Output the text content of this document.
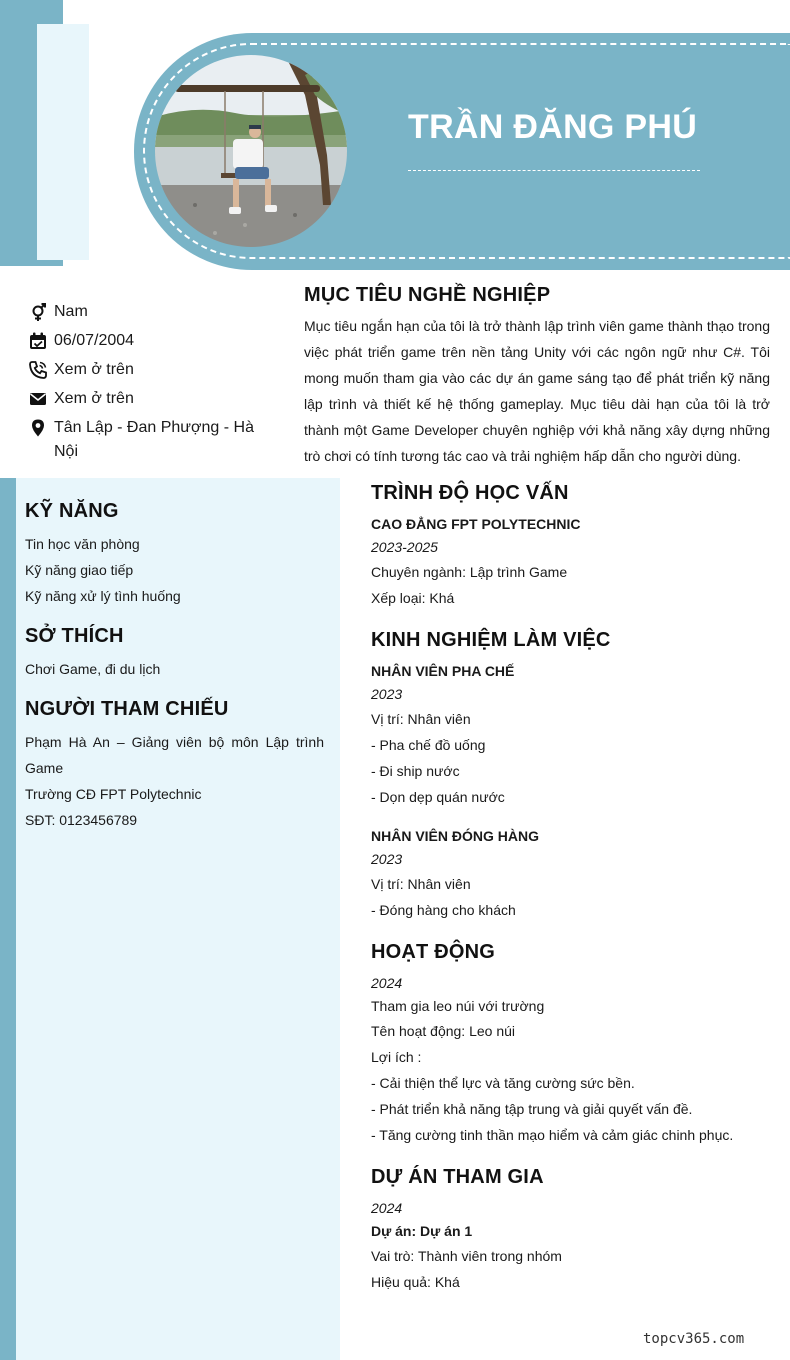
TRẦN ĐĂNG PHÚ
Nam
06/07/2004
Xem ở trên
Xem ở trên
Tân Lập - Đan Phượng - Hà Nội
MỤC TIÊU NGHỀ NGHIỆP
Mục tiêu ngắn hạn của tôi là trở thành lập trình viên game thành thạo trong việc phát triển game trên nền tảng Unity với các ngôn ngữ như C#. Tôi mong muốn tham gia vào các dự án game sáng tạo để phát triển kỹ năng lập trình và thiết kế hệ thống gameplay. Mục tiêu dài hạn của tôi là trở thành một Game Developer chuyên nghiệp với khả năng xây dựng những trò chơi có tính tương tác cao và trải nghiệm hấp dẫn cho người dùng.
KỸ NĂNG
Tin học văn phòng
Kỹ năng giao tiếp
Kỹ năng xử lý tình huống
SỞ THÍCH
Chơi Game, đi du lịch
NGƯỜI THAM CHIẾU
Phạm Hà An – Giảng viên bộ môn Lập trình Game
Trường CĐ FPT Polytechnic
SĐT: 0123456789
TRÌNH ĐỘ HỌC VẤN
CAO ĐẲNG FPT POLYTECHNIC
2023-2025
Chuyên ngành: Lập trình Game
Xếp loại: Khá
KINH NGHIỆM LÀM VIỆC
NHÂN VIÊN PHA CHẾ
2023
Vị trí: Nhân viên
- Pha chế đồ uống
- Đi ship nước
- Dọn dẹp quán nước
NHÂN VIÊN ĐÓNG HÀNG
2023
Vị trí: Nhân viên
- Đóng hàng cho khách
HOẠT ĐỘNG
2024
Tham gia leo núi với trường
Tên hoạt động: Leo núi
Lợi ích :
- Cải thiện thể lực và tăng cường sức bền.
- Phát triển khả năng tập trung và giải quyết vấn đề.
- Tăng cường tinh thần mạo hiểm và cảm giác chinh phục.
DỰ ÁN THAM GIA
2024
Dự án: Dự án 1
Vai trò: Thành viên trong nhóm
Hiệu quả: Khá
topcv365.com
